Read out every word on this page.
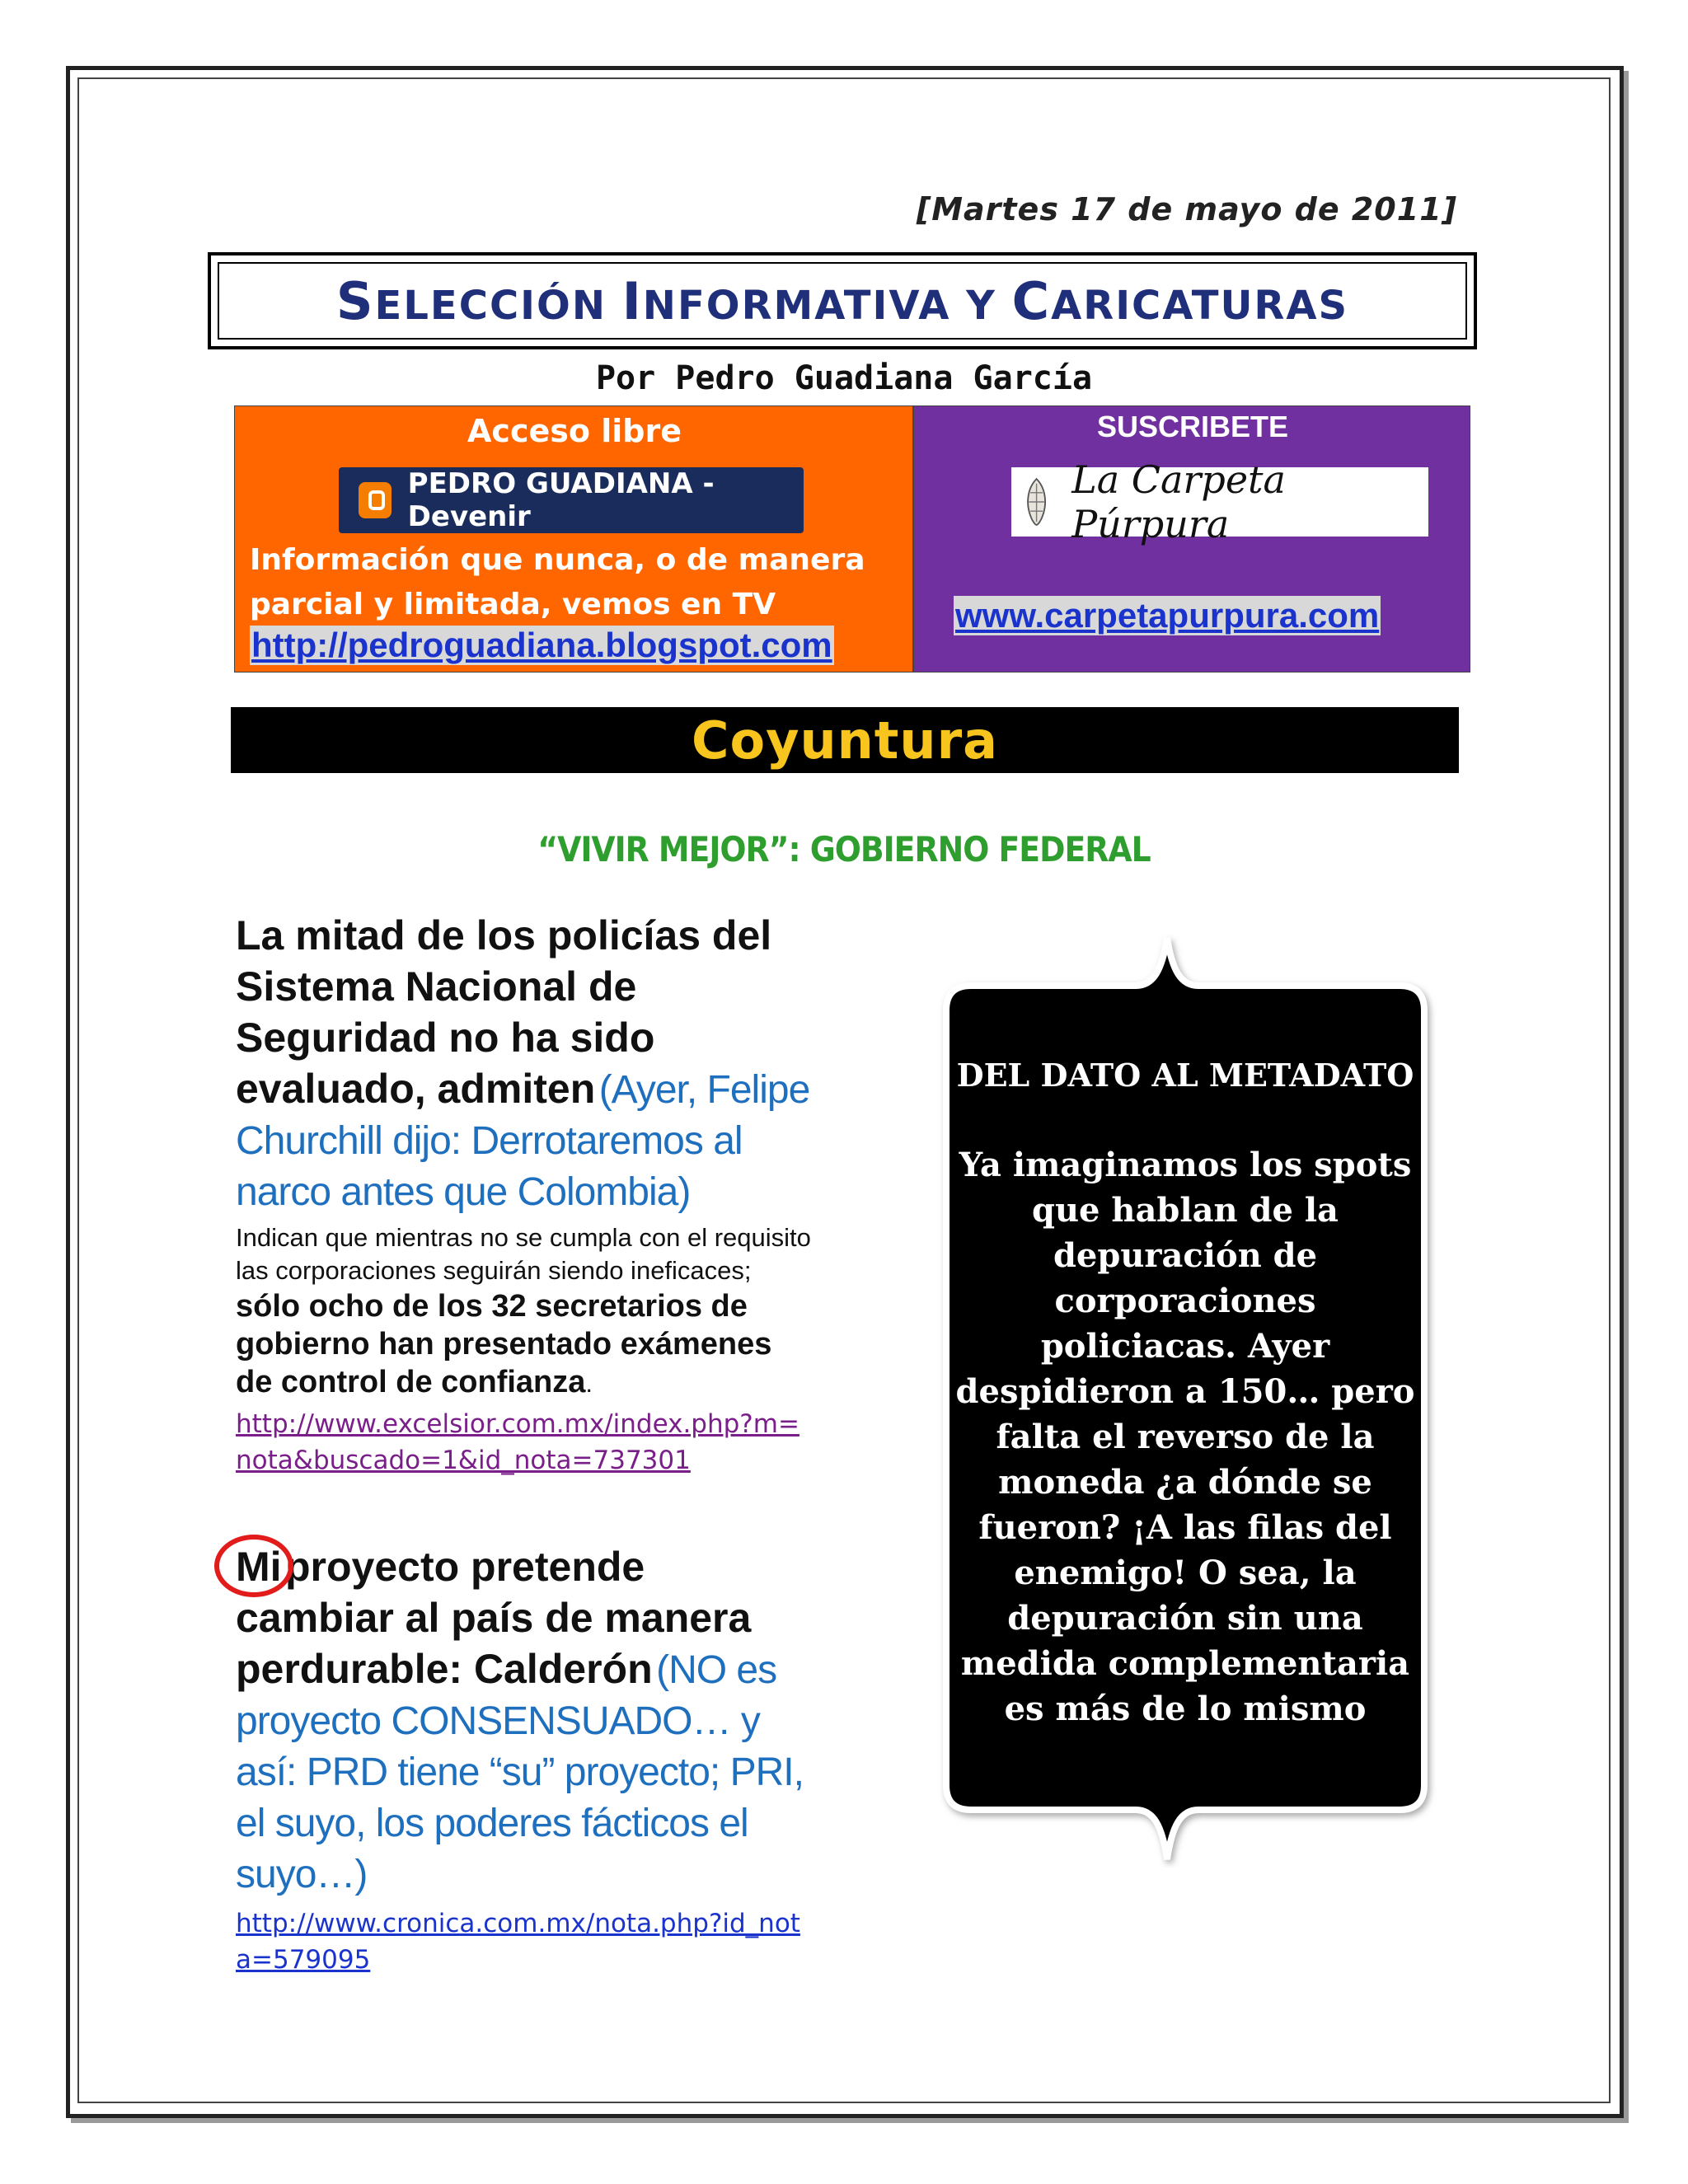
[Martes 17 de mayo de 2011]
SELECCIÓN INFORMATIVA Y CARICATURAS
Por Pedro Guadiana García
Acceso libre
PEDRO GUADIANA - Devenir
Información que nunca, o de manera
parcial y limitada, vemos en TV
http://pedroguadiana.blogspot.com
SUSCRIBETE
La Carpeta Púrpura
www.carpetapurpura.com
Coyuntura
“VIVIR MEJOR”: GOBIERNO FEDERAL
La mitad de los policías del Sistema Nacional de Seguridad no ha sido evaluado, admiten (Ayer, Felipe Churchill dijo: Derrotaremos al narco antes que Colombia)
Indican que mientras no se cumpla con el requisito las corporaciones seguirán siendo ineficaces; sólo ocho de los 32 secretarios de gobierno han presentado exámenes de control de confianza.
http://www.excelsior.com.mx/index.php?m=nota&buscado=1&id_nota=737301
Mi proyecto pretende cambiar al país de manera perdurable: Calderón (NO es proyecto CONSENSUADO… y así: PRD tiene “su” proyecto; PRI, el suyo, los poderes fácticos el suyo…)
http://www.cronica.com.mx/nota.php?id_nota=579095
DEL DATO AL METADATO
Ya imaginamos los spots que hablan de la depuración de corporaciones policiacas. Ayer despidieron a 150… pero falta el reverso de la moneda ¿a dónde se fueron? ¡A las filas del enemigo! O sea, la depuración sin una medida complementaria es más de lo mismo
